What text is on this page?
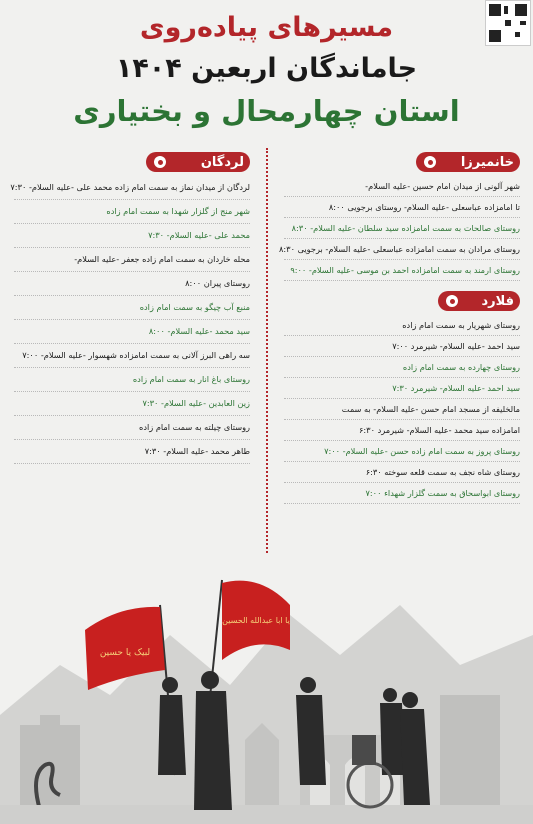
مسیرهای پیاده‌روی
جاماندگان اربعین ۱۴۰۴
استان چهارمحال و بختیاری
خانمیرزا
شهر آلونی از میدان امام حسین -علیه السلام-
تا امامزاده عباسعلی -علیه السلام- روستای برجویی ۸:۰۰
روستای صالحات به سمت امامزاده سید سلطان -علیه السلام- ۸:۳۰
روستای مرادان به سمت امامزاده عباسعلی -علیه السلام- برجویی ۸:۳۰
روستای ارمند به سمت امامزاده احمد بن موسی -علیه السلام- ۹:۰۰
فلارد
روستای شهریار به سمت امام زاده
سید احمد -علیه السلام- شیرمرد ۷:۰۰
روستای چهارده به سمت امام زاده
سید احمد -علیه السلام- شیرمرد ۷:۳۰
مالخلیفه از مسجد امام حسن -علیه السلام- به سمت
امامزاده سید محمد -علیه السلام- شیرمرد ۶:۳۰
روستای پروز به سمت امام زاده حسن -علیه السلام- ۷:۰۰
روستای شاه نجف به سمت قلعه سوخته ۶:۳۰
روستای ابواسحاق به سمت گلزار شهداء ۷:۰۰
لردگان
لردگان از میدان نماز به سمت امام زاده محمد علی -علیه السلام- ۷:۳۰
شهر منج از گلزار شهدا به سمت امام زاده
محمد علی -علیه السلام- ۷:۳۰
محله خاردان به سمت امام زاده جعفر -علیه السلام-
روستای پیران ۸:۰۰
منبع آب چیگو به سمت امام زاده
سید محمد -علیه السلام- ۸:۰۰
سه راهی البرز آلانی به سمت امامزاده شهسوار -علیه السلام- ۷:۰۰
روستای باغ انار به سمت امام زاده
زین العابدین -علیه السلام- ۷:۳۰
روستای چیلته به سمت امام زاده
طاهر محمد -علیه السلام- ۷:۳۰
لبیک یا حسین
یا ابا عبدالله الحسین
